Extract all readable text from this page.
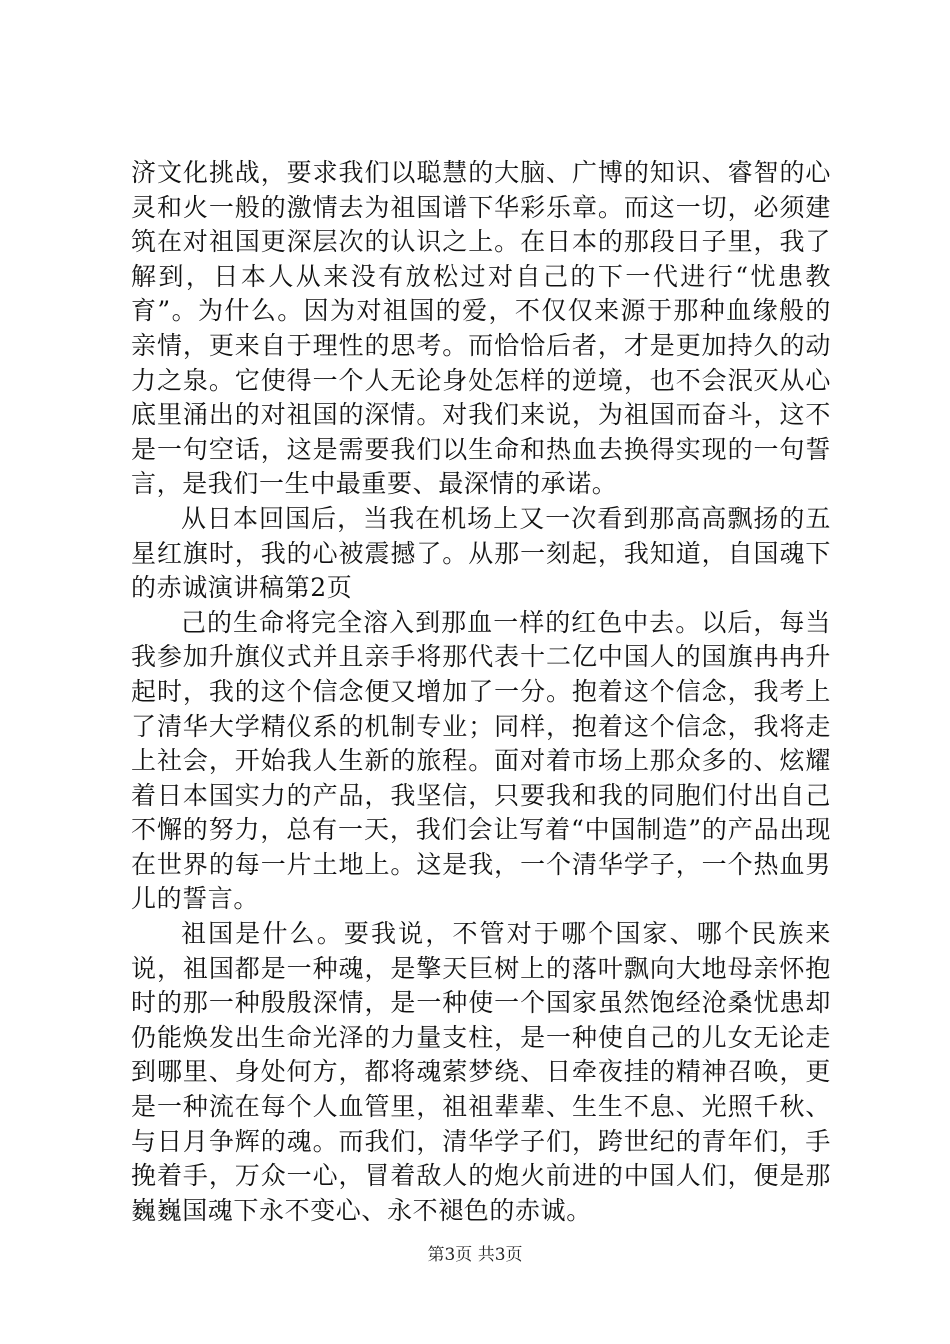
济文化挑战，要求我们以聪慧的大脑、广博的知识、睿智的心灵和火一般的激情去为祖国谱下华彩乐章。而这一切，必须建筑在对祖国更深层次的认识之上。在日本的那段日子里，我了解到，日本人从来没有放松过对自己的下一代进行“忧患教育”。为什么。因为对祖国的爱，不仅仅来源于那种血缘般的亲情，更来自于理性的思考。而恰恰后者，才是更加持久的动力之泉。它使得一个人无论身处怎样的逆境，也不会泯灭从心底里涌出的对祖国的深情。对我们来说，为祖国而奋斗，这不是一句空话，这是需要我们以生命和热血去换得实现的一句誓言，是我们一生中最重要、最深情的承诺。

从日本回国后，当我在机场上又一次看到那高高飘扬的五星红旗时，我的心被震撼了。从那一刻起，我知道，自国魂下的赤诚演讲稿第2页

己的生命将完全溶入到那血一样的红色中去。以后，每当我参加升旗仪式并且亲手将那代表十二亿中国人的国旗冉冉升起时，我的这个信念便又增加了一分。抱着这个信念，我考上了清华大学精仪系的机制专业；同样，抱着这个信念，我将走上社会，开始我人生新的旅程。面对着市场上那众多的、炫耀着日本国实力的产品，我坚信，只要我和我的同胞们付出自己不懈的努力，总有一天，我们会让写着“中国制造”的产品出现在世界的每一片土地上。这是我，一个清华学子，一个热血男儿的誓言。

祖国是什么。要我说，不管对于哪个国家、哪个民族来说，祖国都是一种魂，是擎天巨树上的落叶飘向大地母亲怀抱时的那一种殷殷深情，是一种使一个国家虽然饱经沧桑忧患却仍能焕发出生命光泽的力量支柱，是一种使自己的儿女无论走到哪里、身处何方，都将魂萦梦绕、日牵夜挂的精神召唤，更是一种流在每个人血管里，祖祖辈辈、生生不息、光照千秋、与日月争辉的魂。而我们，清华学子们，跨世纪的青年们，手挽着手，万众一心，冒着敌人的炮火前进的中国人们，便是那巍巍国魂下永不变心、永不褪色的赤诚。

第3页 共3页
